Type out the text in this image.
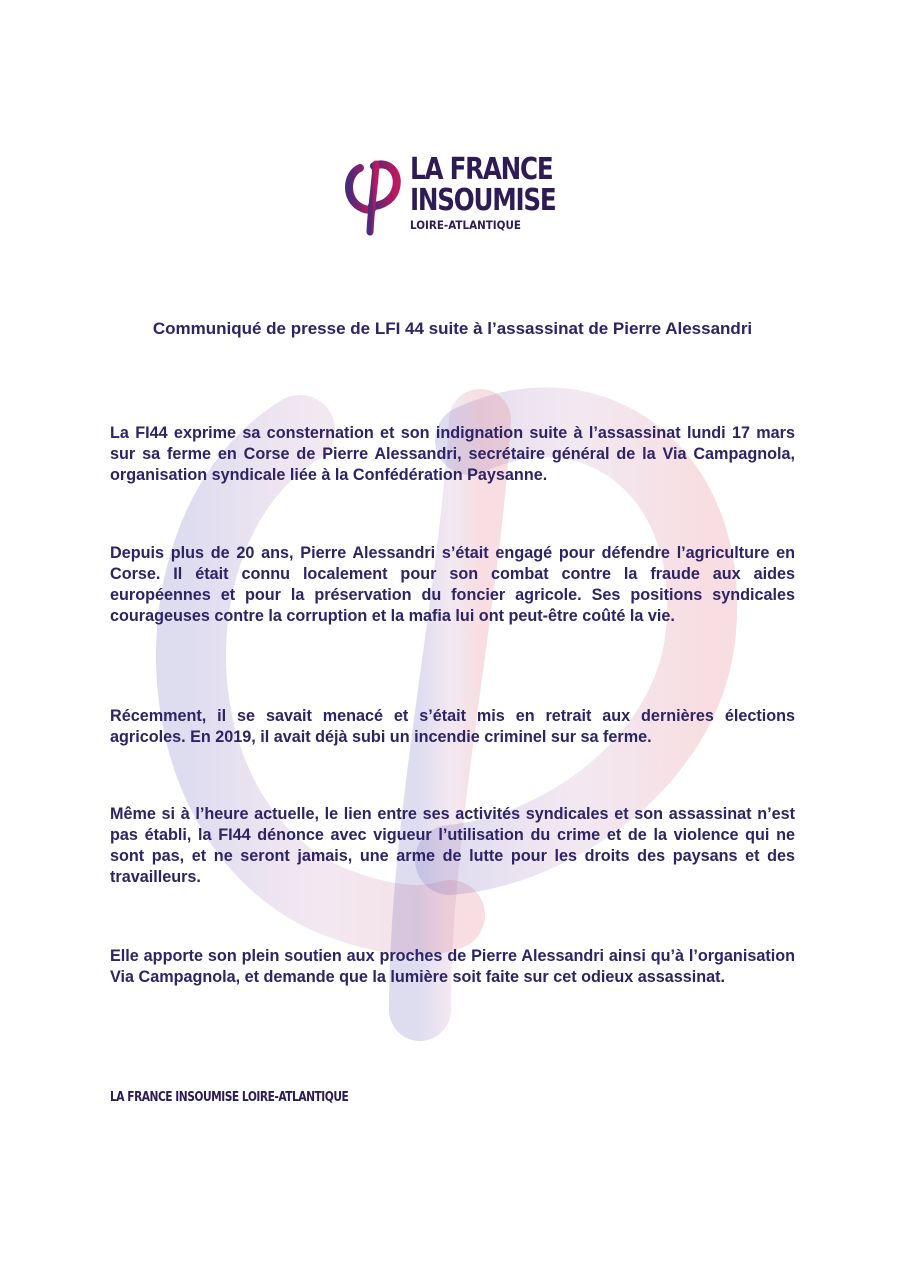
LA FRANCE
INSOUMISE
LOIRE-ATLANTIQUE
Communiqué de presse de LFI 44 suite à l’assassinat de Pierre Alessandri
La FI44 exprime sa consternation et son indignation suite à l’assassinat lundi 17 mars sur sa ferme en Corse de Pierre Alessandri, secrétaire général de la Via Campagnola, organisation syndicale liée à la Confédération Paysanne.
Depuis plus de 20 ans, Pierre Alessandri s’était engagé pour défendre l’agriculture en Corse. Il était connu localement pour son combat contre la fraude aux aides européennes et pour la préservation du foncier agricole. Ses positions syndicales courageuses contre la corruption et la mafia lui ont peut-être coûté la vie.
Récemment, il se savait menacé et s’était mis en retrait aux dernières élections agricoles. En 2019, il avait déjà subi un incendie criminel sur sa ferme.
Même si à l’heure actuelle, le lien entre ses activités syndicales et son assassinat n’est pas établi, la FI44 dénonce avec vigueur l’utilisation du crime et de la violence qui ne sont pas, et ne seront jamais, une arme de lutte pour les droits des paysans et des travailleurs.
Elle apporte son plein soutien aux proches de Pierre Alessandri ainsi qu’à l’organisation Via Campagnola, et demande que la lumière soit faite sur cet odieux assassinat.
LA FRANCE INSOUMISE LOIRE-ATLANTIQUE
